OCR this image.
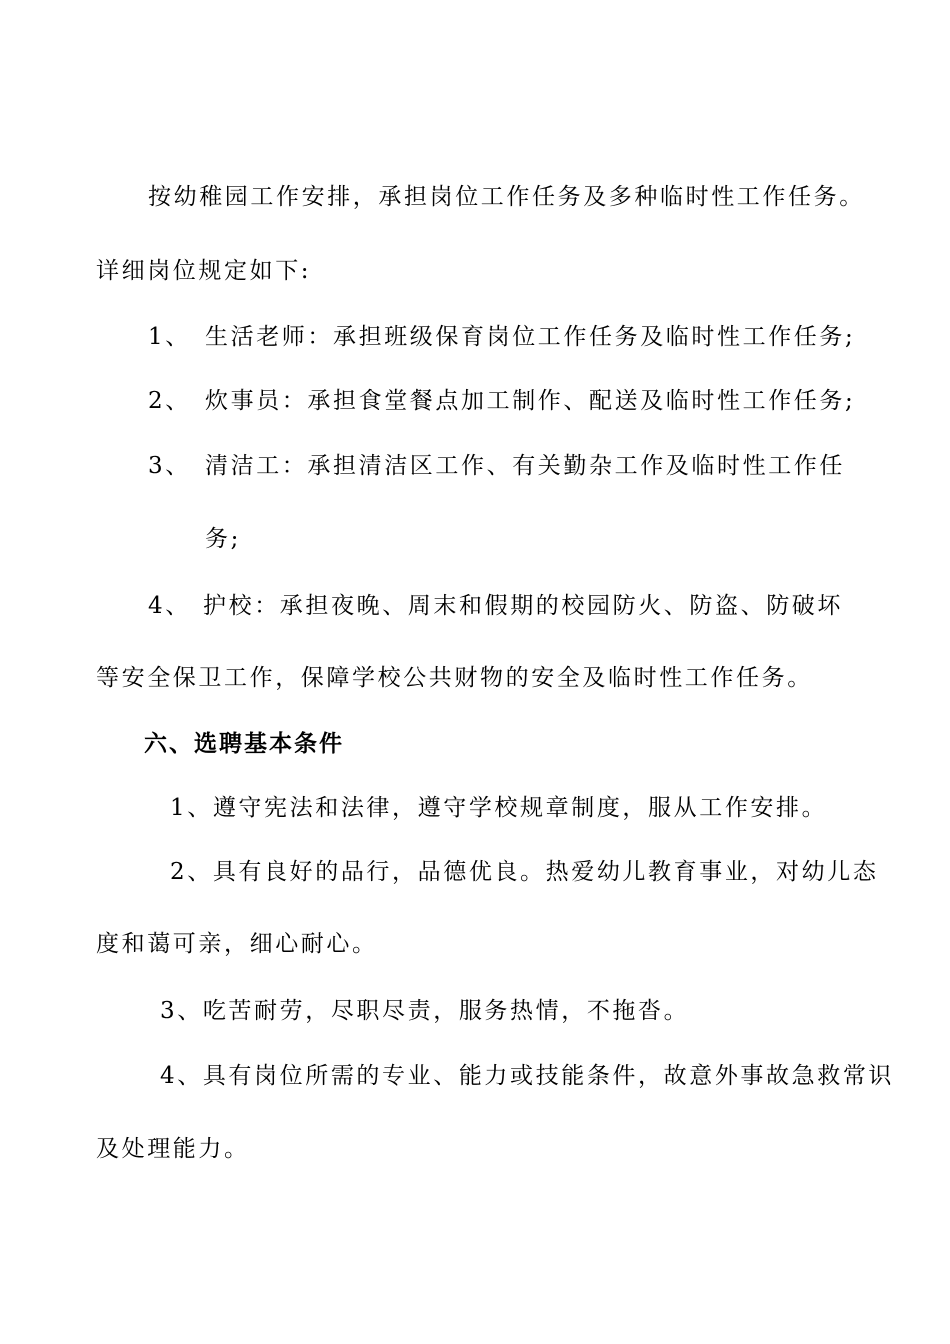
按幼稚园工作安排，承担岗位工作任务及多种临时性工作任务。
详细岗位规定如下:
1、 生活老师：承担班级保育岗位工作任务及临时性工作任务;
2、 炊事员：承担食堂餐点加工制作、配送及临时性工作任务;
3、 清洁工：承担清洁区工作、有关勤杂工作及临时性工作任
务;
4、 护校：承担夜晚、周末和假期的校园防火、防盗、防破坏
等安全保卫工作，保障学校公共财物的安全及临时性工作任务。
六、选聘基本条件
1、遵守宪法和法律，遵守学校规章制度，服从工作安排。
2、具有良好的品行，品德优良。热爱幼儿教育事业，对幼儿态
度和蔼可亲，细心耐心。
3、吃苦耐劳，尽职尽责，服务热情，不拖沓。
4、具有岗位所需的专业、能力或技能条件，故意外事故急救常识
及处理能力。
